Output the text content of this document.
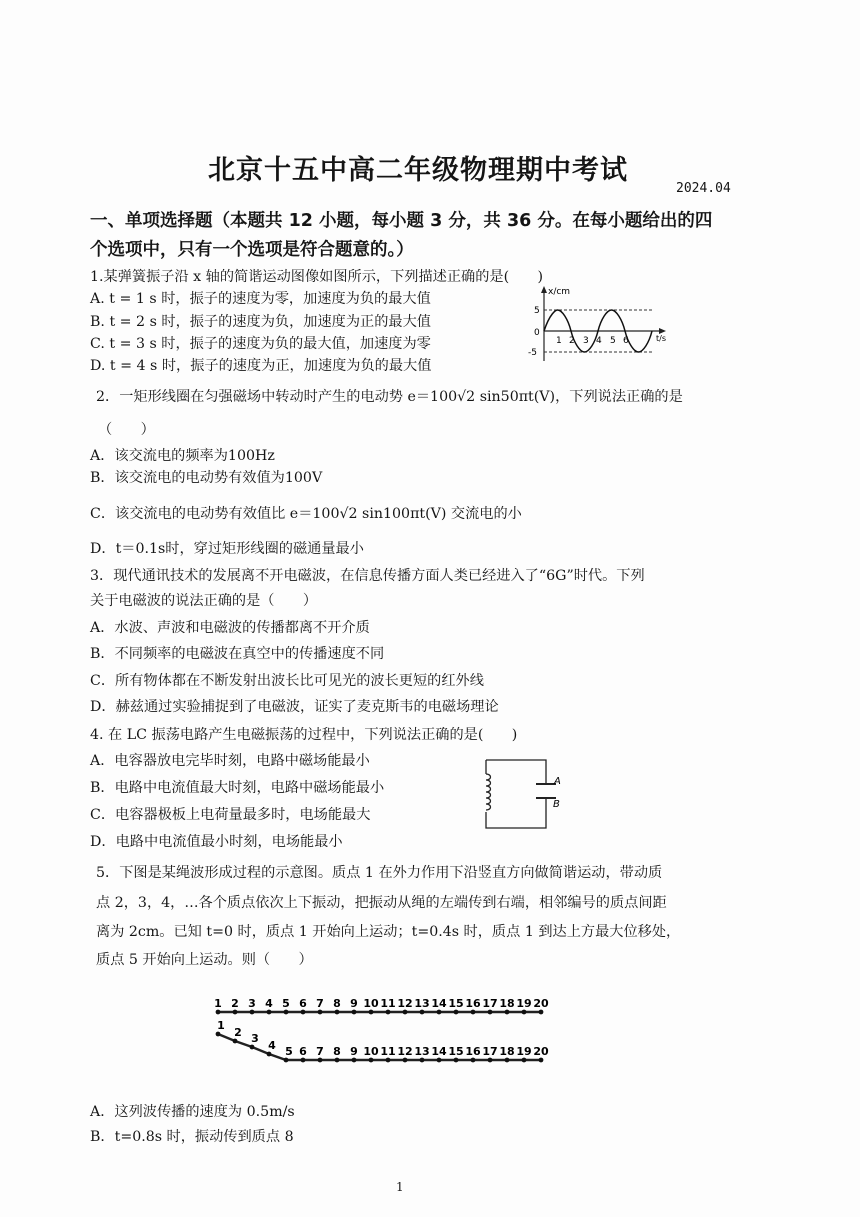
北京十五中高二年级物理期中考试
2024.04
一、单项选择题（本题共 12 小题，每小题 3 分，共 36 分。在每小题给出的四
个选项中，只有一个选项是符合题意的。）
1.某弹簧振子沿 x 轴的简谐运动图像如图所示，下列描述正确的是(　　)
A. t = 1 s 时，振子的速度为零，加速度为负的最大值
B. t = 2 s 时，振子的速度为负，加速度为正的最大值
C. t = 3 s 时，振子的速度为负的最大值，加速度为零
D. t = 4 s 时，振子的速度为正，加速度为负的最大值
x/cm
t/s
5
0
-5
1 2 3 4 5 6
2．一矩形线圈在匀强磁场中转动时产生的电动势 e＝100√2 sin50πt(V)，下列说法正确的是
（　　）
A．该交流电的频率为100Hz
B．该交流电的电动势有效值为100V
C．该交流电的电动势有效值比 e＝100√2 sin100πt(V) 交流电的小
D．t＝0.1s时，穿过矩形线圈的磁通量最小
3．现代通讯技术的发展离不开电磁波，在信息传播方面人类已经进入了“6G”时代。下列
关于电磁波的说法正确的是（　　）
A．水波、声波和电磁波的传播都离不开介质
B．不同频率的电磁波在真空中的传播速度不同
C．所有物体都在不断发射出波长比可见光的波长更短的红外线
D．赫兹通过实验捕捉到了电磁波，证实了麦克斯韦的电磁场理论
4. 在 LC 振荡电路产生电磁振荡的过程中，下列说法正确的是(　　)
A．电容器放电完毕时刻，电路中磁场能最小
B．电路中电流值最大时刻，电路中磁场能最小
C．电容器极板上电荷量最多时，电场能最大
D．电路中电流值最小时刻，电场能最小
A
B
5．下图是某绳波形成过程的示意图。质点 1 在外力作用下沿竖直方向做简谐运动，带动质
点 2，3，4，…各个质点依次上下振动，把振动从绳的左端传到右端，相邻编号的质点间距
离为 2cm。已知 t=0 时，质点 1 开始向上运动；t=0.4s 时，质点 1 到达上方最大位移处，
质点 5 开始向上运动。则（　　）
1 2 3 4 5 6 7 8 9 10 11 12 13 14 15 16 17 18 19 20
1
2 3
4 5 6 7 8 9 10 11 12 13 14 15 16 17 18 19 20
A．这列波传播的速度为 0.5m/s
B．t=0.8s 时，振动传到质点 8
1
